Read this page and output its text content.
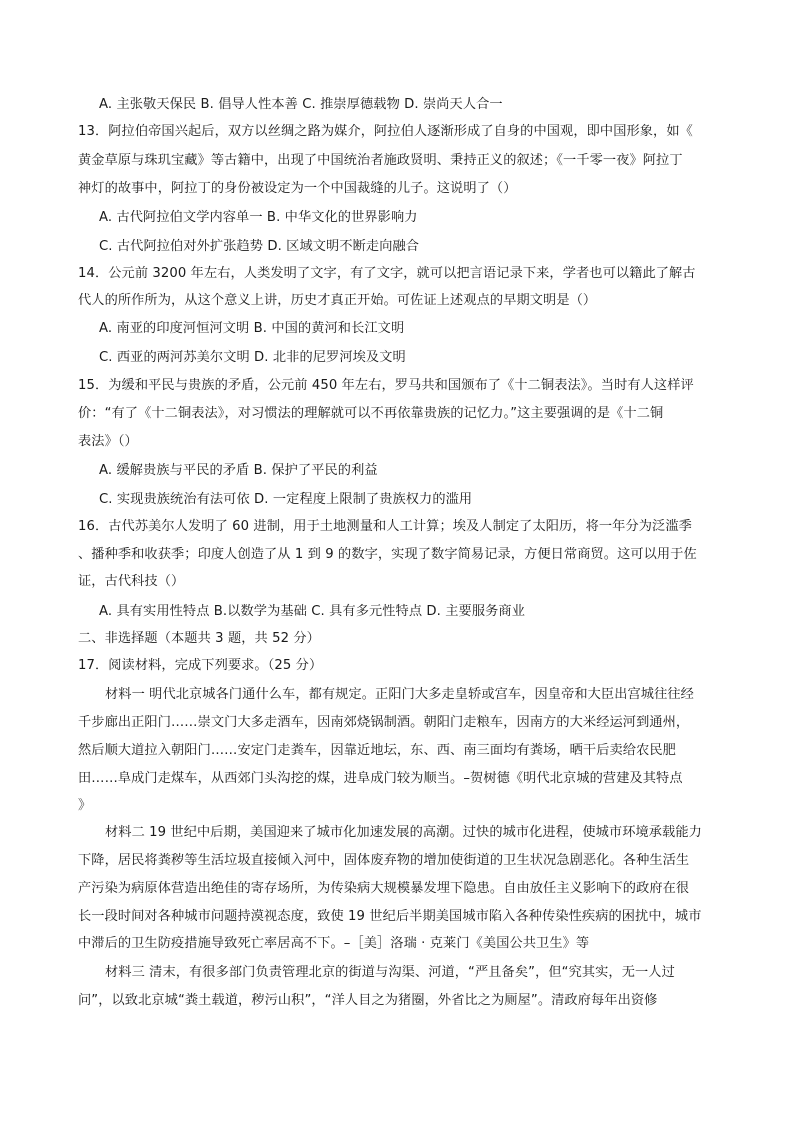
A. 主张敬天保民 B. 倡导人性本善 C. 推崇厚德载物 D. 崇尚天人合一
13．阿拉伯帝国兴起后，双方以丝绸之路为媒介，阿拉伯人逐渐形成了自身的中国观，即中国形象，如《
黄金草原与珠玑宝藏》等古籍中，出现了中国统治者施政贤明、秉持正义的叙述；《一千零一夜》阿拉丁
神灯的故事中，阿拉丁的身份被设定为一个中国裁缝的儿子。这说明了（）
A. 古代阿拉伯文学内容单一 B. 中华文化的世界影响力
C. 古代阿拉伯对外扩张趋势 D. 区域文明不断走向融合
14．公元前 3200 年左右，人类发明了文字，有了文字，就可以把言语记录下来，学者也可以籍此了解古
代人的所作所为，从这个意义上讲，历史才真正开始。可佐证上述观点的早期文明是（）
A. 南亚的印度河恒河文明 B. 中国的黄河和长江文明
C. 西亚的两河苏美尔文明 D. 北非的尼罗河埃及文明
15．为缓和平民与贵族的矛盾，公元前 450 年左右，罗马共和国颁布了《十二铜表法》。当时有人这样评
价：“有了《十二铜表法》，对习惯法的理解就可以不再依靠贵族的记忆力。”这主要强调的是《十二铜
表法》（）
A. 缓解贵族与平民的矛盾 B. 保护了平民的利益
C. 实现贵族统治有法可依 D. 一定程度上限制了贵族权力的滥用
16．古代苏美尔人发明了 60 进制，用于土地测量和人工计算；埃及人制定了太阳历，将一年分为泛滥季
、播种季和收获季；印度人创造了从 1 到 9 的数字，实现了数字简易记录，方便日常商贸。这可以用于佐
证，古代科技（）
A. 具有实用性特点 B.以数学为基础 C. 具有多元性特点 D. 主要服务商业
二、非选择题（本题共 3 题，共 52 分）
17．阅读材料，完成下列要求。（25 分）
材料一 明代北京城各门通什么车，都有规定。正阳门大多走皇轿或宫车，因皇帝和大臣出宫城往往经
千步廊出正阳门……崇文门大多走酒车，因南郊烧锅制酒。朝阳门走粮车，因南方的大米经运河到通州，
然后顺大道拉入朝阳门……安定门走粪车，因靠近地坛，东、西、南三面均有粪场，晒干后卖给农民肥
田……阜成门走煤车，从西郊门头沟挖的煤，进阜成门较为顺当。–贺树德《明代北京城的营建及其特点
》
材料二 19 世纪中后期，美国迎来了城市化加速发展的高潮。过快的城市化进程，使城市环境承载能力
下降，居民将粪秽等生活垃圾直接倾入河中，固体废弃物的增加使街道的卫生状况急剧恶化。各种生活生
产污染为病原体营造出绝佳的寄存场所，为传染病大规模暴发埋下隐患。自由放任主义影响下的政府在很
长一段时间对各种城市问题持漠视态度，致使 19 世纪后半期美国城市陷入各种传染性疾病的困扰中，城市
中滞后的卫生防疫措施导致死亡率居高不下。–［美］洛瑞 · 克莱门《美国公共卫生》等
材料三 清末，有很多部门负责管理北京的街道与沟渠、河道，“严且备矣”，但“究其实，无一人过
问”，以致北京城“粪土载道，秽污山积”，“洋人目之为猪圈，外省比之为厕屋”。清政府每年出资修
